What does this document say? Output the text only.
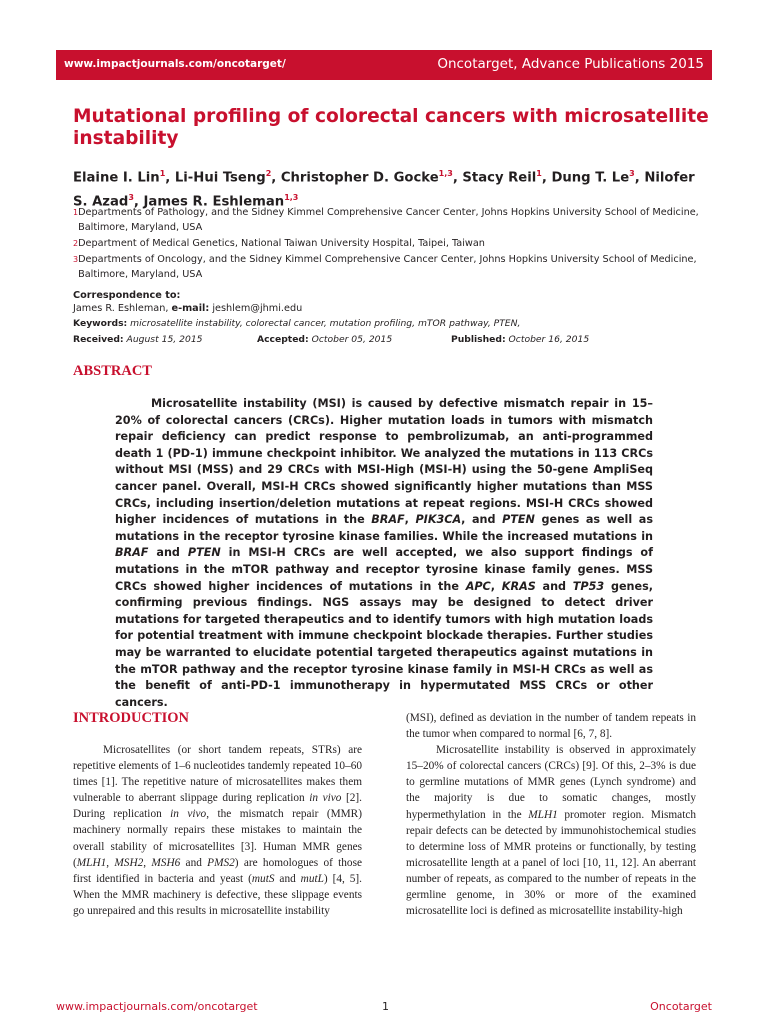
www.impactjournals.com/oncotarget/	Oncotarget, Advance Publications 2015
Mutational profiling of colorectal cancers with microsatellite instability
Elaine I. Lin$^1$, Li-Hui Tseng$^2$, Christopher D. Gocke$^{1,3}$, Stacy Reil$^1$, Dung T. Le$^3$, Nilofer S. Azad$^3$, James R. Eshleman$^{1,3}$
$^1$Departments of Pathology, and the Sidney Kimmel Comprehensive Cancer Center, Johns Hopkins University School of Medicine, Baltimore, Maryland, USA
$^2$Department of Medical Genetics, National Taiwan University Hospital, Taipei, Taiwan
$^3$Departments of Oncology, and the Sidney Kimmel Comprehensive Cancer Center, Johns Hopkins University School of Medicine, Baltimore, Maryland, USA
Correspondence to:
James R. Eshleman, e-mail: jeshlem@jhmi.edu
Keywords: microsatellite instability, colorectal cancer, mutation profiling, mTOR pathway, PTEN,
Received: August 15, 2015	Accepted: October 05, 2015	Published: October 16, 2015
ABSTRACT
Microsatellite instability (MSI) is caused by defective mismatch repair in 15–20% of colorectal cancers (CRCs). Higher mutation loads in tumors with mismatch repair deficiency can predict response to pembrolizumab, an anti-programmed death 1 (PD-1) immune checkpoint inhibitor. We analyzed the mutations in 113 CRCs without MSI (MSS) and 29 CRCs with MSI-High (MSI-H) using the 50-gene AmpliSeq cancer panel. Overall, MSI-H CRCs showed significantly higher mutations than MSS CRCs, including insertion/deletion mutations at repeat regions. MSI-H CRCs showed higher incidences of mutations in the BRAF, PIK3CA, and PTEN genes as well as mutations in the receptor tyrosine kinase families. While the increased mutations in BRAF and PTEN in MSI-H CRCs are well accepted, we also support findings of mutations in the mTOR pathway and receptor tyrosine kinase family genes. MSS CRCs showed higher incidences of mutations in the APC, KRAS and TP53 genes, confirming previous findings. NGS assays may be designed to detect driver mutations for targeted therapeutics and to identify tumors with high mutation loads for potential treatment with immune checkpoint blockade therapies. Further studies may be warranted to elucidate potential targeted therapeutics against mutations in the mTOR pathway and the receptor tyrosine kinase family in MSI-H CRCs as well as the benefit of anti-PD-1 immunotherapy in hypermutated MSS CRCs or other cancers.
INTRODUCTION
Microsatellites (or short tandem repeats, STRs) are repetitive elements of 1–6 nucleotides tandemly repeated 10–60 times [1]. The repetitive nature of microsatellites makes them vulnerable to aberrant slippage during replication in vivo [2]. During replication in vivo, the mismatch repair (MMR) machinery normally repairs these mistakes to maintain the overall stability of microsatellites [3]. Human MMR genes (MLH1, MSH2, MSH6 and PMS2) are homologues of those first identified in bacteria and yeast (mutS and mutL) [4, 5]. When the MMR machinery is defective, these slippage events go unrepaired and this results in microsatellite instability

(MSI), defined as deviation in the number of tandem repeats in the tumor when compared to normal [6, 7, 8].

Microsatellite instability is observed in approximately 15–20% of colorectal cancers (CRCs) [9]. Of this, 2–3% is due to germline mutations of MMR genes (Lynch syndrome) and the majority is due to somatic changes, mostly hypermethylation in the MLH1 promoter region. Mismatch repair defects can be detected by immunohistochemical studies to determine loss of MMR proteins or functionally, by testing microsatellite length at a panel of loci [10, 11, 12]. An aberrant number of repeats, as compared to the number of repeats in the germline genome, in 30% or more of the examined microsatellite loci is defined as microsatellite instability-high

www.impactjournals.com/oncotarget	1	Oncotarget
